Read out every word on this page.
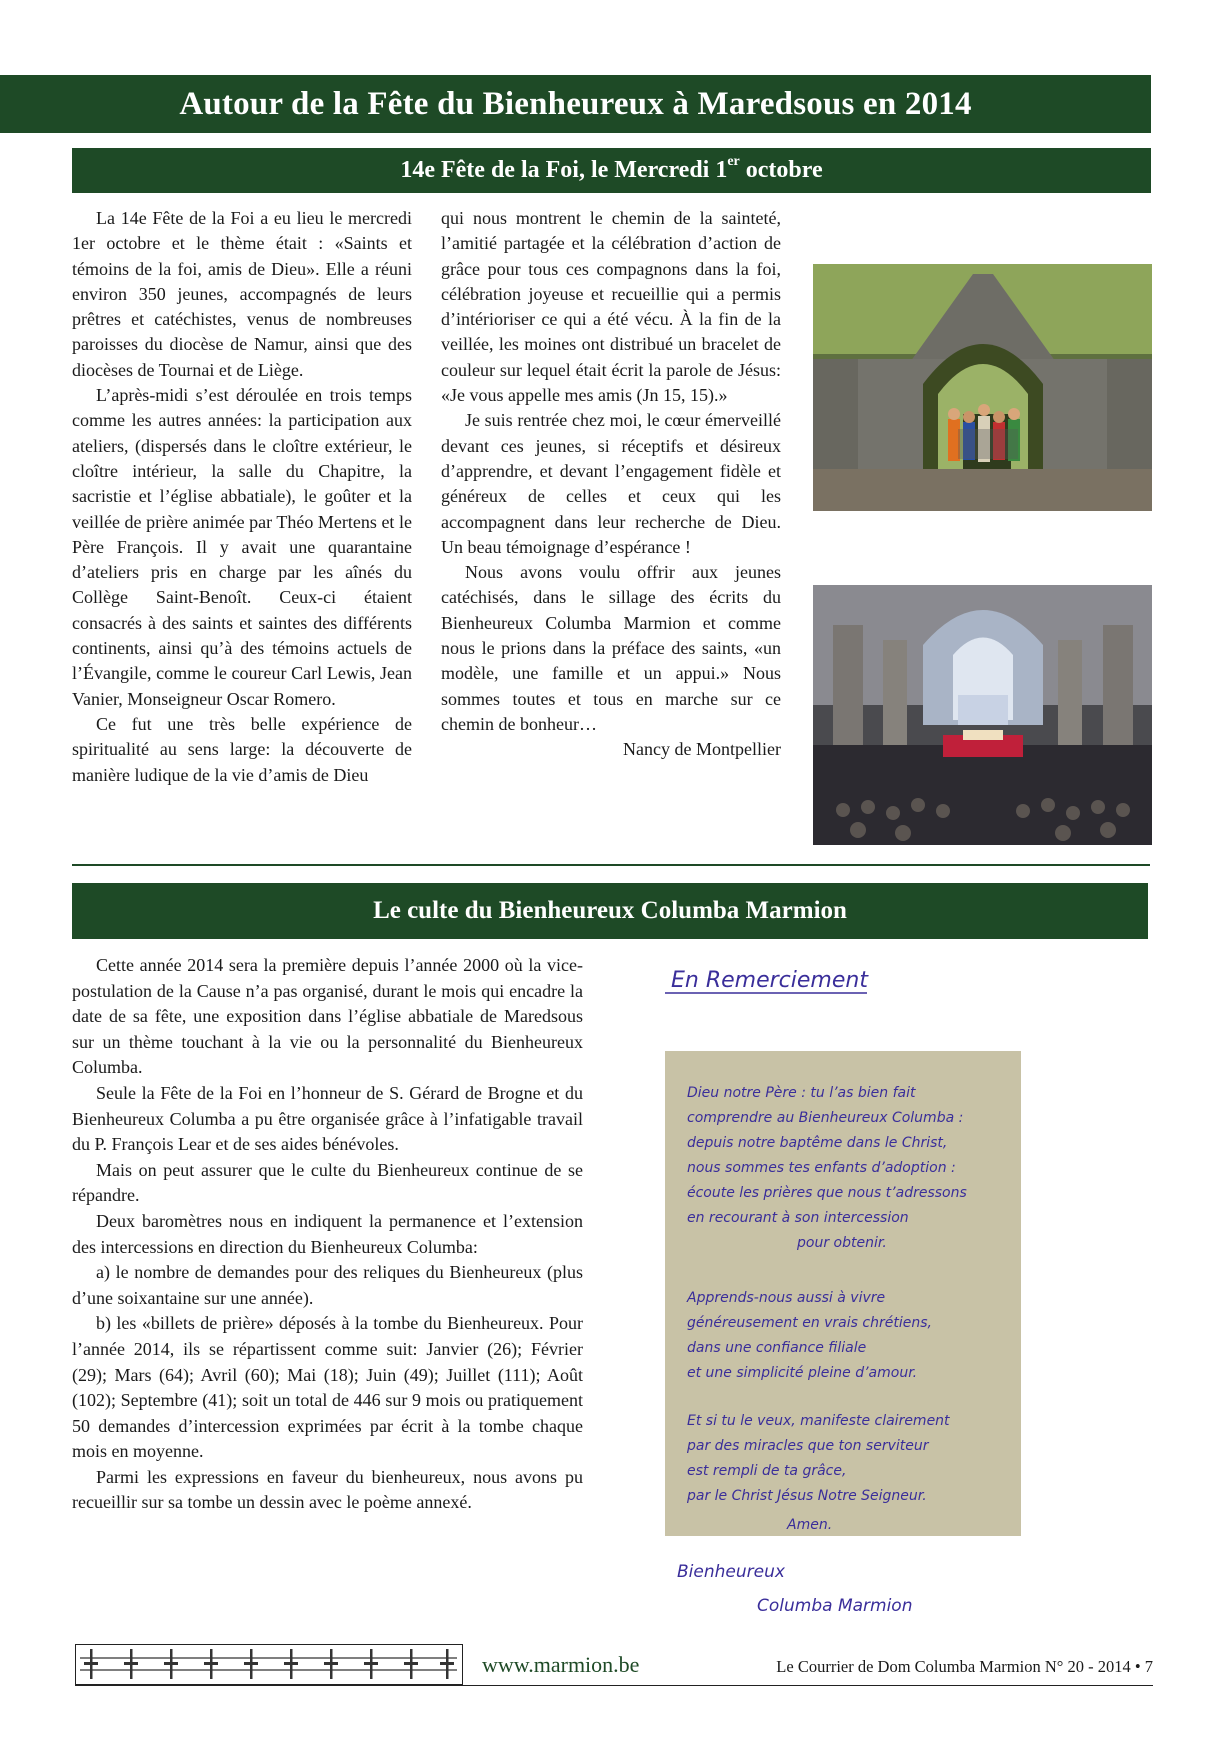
Autour de la Fête du Bienheureux à Maredsous en 2014
14e Fête de la Foi, le Mercredi 1er octobre

La 14e Fête de la Foi a eu lieu le mercredi 1er octobre et le thème était : «Saints et témoins de la foi, amis de Dieu». Elle a réuni environ 350 jeunes, accompagnés de leurs prêtres et catéchistes, venus de nombreuses paroisses du diocèse de Namur, ainsi que des diocèses de Tournai et de Liège.

L’après-midi s’est déroulée en trois temps comme les autres années: la participation aux ateliers, (dispersés dans le cloître extérieur, le cloître intérieur, la salle du Chapitre, la sacristie et l’église abbatiale), le goûter et la veillée de prière animée par Théo Mertens et le Père François. Il y avait une quarantaine d’ateliers pris en charge par les aînés du Collège Saint-Benoît. Ceux-ci étaient consacrés à des saints et saintes des différents continents, ainsi qu’à des témoins actuels de l’Évangile, comme le coureur Carl Lewis, Jean Vanier, Monseigneur Oscar Romero.

Ce fut une très belle expérience de spiritualité au sens large: la découverte de manière ludique de la vie d’amis de Dieu

qui nous montrent le chemin de la sainteté, l’amitié partagée et la célébration d’action de grâce pour tous ces compagnons dans la foi, célébration joyeuse et recueillie qui a permis d’intérioriser ce qui a été vécu. À la fin de la veillée, les moines ont distribué un bracelet de couleur sur lequel était écrit la parole de Jésus: «Je vous appelle mes amis (Jn 15, 15).»

Je suis rentrée chez moi, le cœur émerveillé devant ces jeunes, si réceptifs et désireux d’apprendre, et devant l’engagement fidèle et généreux de celles et ceux qui les accompagnent dans leur recherche de Dieu. Un beau témoignage d’espérance !

Nous avons voulu offrir aux jeunes catéchisés, dans le sillage des écrits du Bienheureux Columba Marmion et comme nous le prions dans la préface des saints, «un modèle, une famille et un appui.» Nous sommes toutes et tous en marche sur ce chemin de bonheur…

Nancy de Montpellier

Le culte du Bienheureux Columba Marmion

Cette année 2014 sera la première depuis l’année 2000 où la vice-postulation de la Cause n’a pas organisé, durant le mois qui encadre la date de sa fête, une exposition dans l’église abbatiale de Maredsous sur un thème touchant à la vie ou la personnalité du Bienheureux Columba.

Seule la Fête de la Foi en l’honneur de S. Gérard de Brogne et du Bienheureux Columba a pu être organisée grâce à l’infatigable travail du P. François Lear et de ses aides bénévoles.

Mais on peut assurer que le culte du Bienheureux continue de se répandre.

Deux baromètres nous en indiquent la permanence et l’extension des intercessions en direction du Bienheureux Columba:

a) le nombre de demandes pour des reliques du Bienheureux (plus d’une soixantaine sur une année).

b) les «billets de prière» déposés à la tombe du Bienheureux. Pour l’année 2014, ils se répartissent comme suit: Janvier (26); Février (29); Mars (64); Avril (60); Mai (18); Juin (49); Juillet (111); Août (102); Septembre (41); soit un total de 446 sur 9 mois ou pratiquement 50 demandes d’intercession exprimées par écrit à la tombe chaque mois en moyenne.

Parmi les expressions en faveur du bienheureux, nous avons pu recueillir sur sa tombe un dessin avec le poème annexé.

En Remerciement
Dieu notre Père : tu l’as bien fait
comprendre au Bienheureux Columba :
depuis notre baptême dans le Christ,
nous sommes tes enfants d’adoption :
écoute les prières que nous t’adressons
en recourant à son intercession
pour obtenir.
Apprends-nous aussi à vivre
généreusement en vrais chrétiens,
dans une confiance filiale
et une simplicité pleine d’amour.
Et si tu le veux, manifeste clairement
par des miracles que ton serviteur
est rempli de ta grâce,
par le Christ Jésus Notre Seigneur.
Amen.
Bienheureux
Columba Marmion
www.marmion.be	Le Courrier de Dom Columba Marmion N° 20 - 2014 • 7
